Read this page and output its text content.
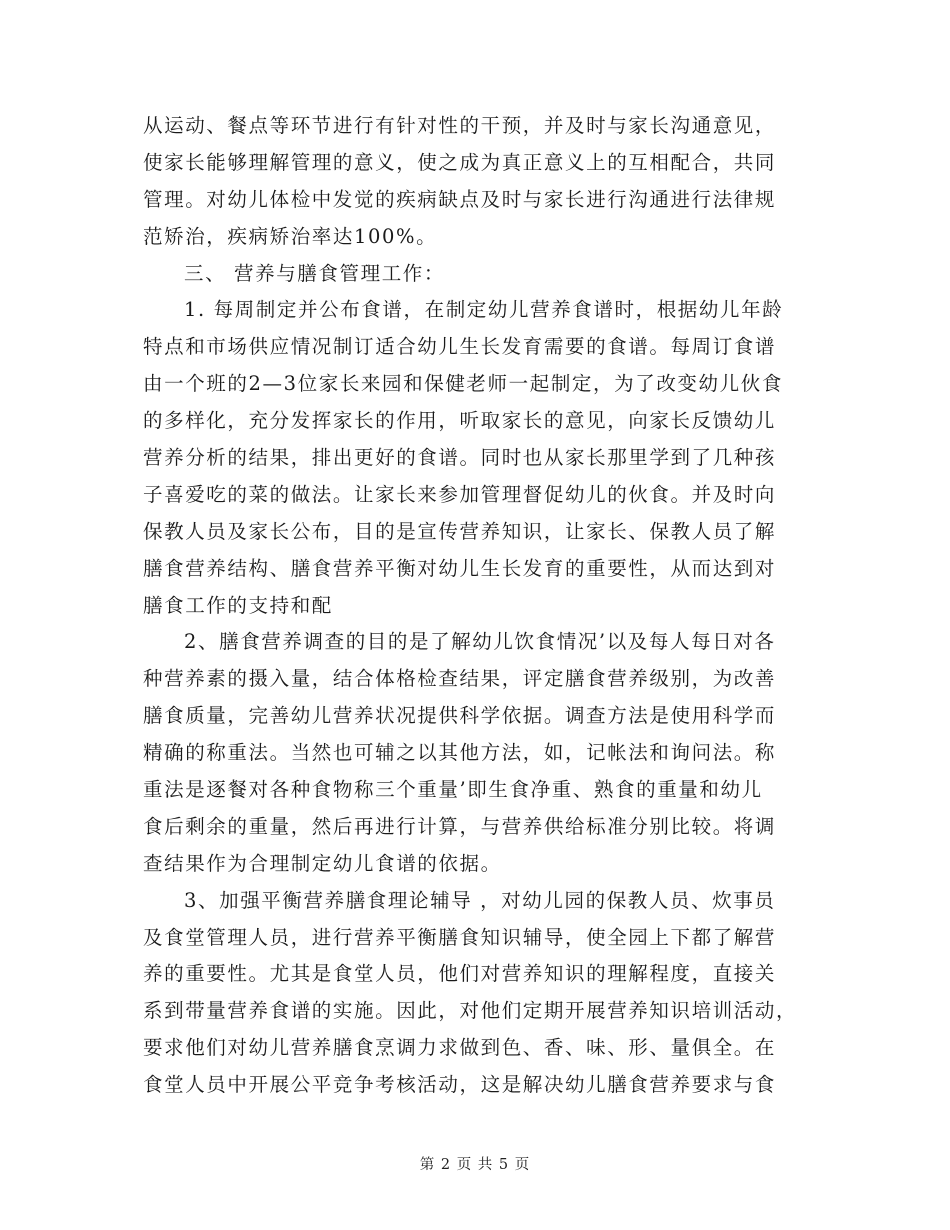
从运动、餐点等环节进行有针对性的干预，并及时与家长沟通意见，
使家长能够理解管理的意义，使之成为真正意义上的互相配合，共同
管理。对幼儿体检中发觉的疾病缺点及时与家长进行沟通进行法律规
范矫治，疾病矫治率达100%。
三、 营养与膳食管理工作：
1. 每周制定并公布食谱，在制定幼儿营养食谱时，根据幼儿年龄
特点和市场供应情况制订适合幼儿生长发育需要的食谱。每周订食谱
由一个班的2—3位家长来园和保健老师一起制定，为了改变幼儿伙食
的多样化，充分发挥家长的作用，听取家长的意见，向家长反馈幼儿
营养分析的结果，排出更好的食谱。同时也从家长那里学到了几种孩
子喜爱吃的菜的做法。让家长来参加管理督促幼儿的伙食。并及时向
保教人员及家长公布，目的是宣传营养知识，让家长、保教人员了解
膳食营养结构、膳食营养平衡对幼儿生长发育的重要性，从而达到对
膳食工作的支持和配
2、膳食营养调查的目的是了解幼儿饮食情况’以及每人每日对各
种营养素的摄入量，结合体格检查结果，评定膳食营养级别，为改善
膳食质量，完善幼儿营养状况提供科学依据。调查方法是使用科学而
精确的称重法。当然也可辅之以其他方法，如，记帐法和询问法。称
重法是逐餐对各种食物称三个重量’即生食净重、熟食的重量和幼儿
食后剩余的重量，然后再进行计算，与营养供给标准分别比较。将调
查结果作为合理制定幼儿食谱的依据。
3、加强平衡营养膳食理论辅导 ，对幼儿园的保教人员、炊事员
及食堂管理人员，进行营养平衡膳食知识辅导，使全园上下都了解营
养的重要性。尤其是食堂人员，他们对营养知识的理解程度，直接关
系到带量营养食谱的实施。因此，对他们定期开展营养知识培训活动，
要求他们对幼儿营养膳食烹调力求做到色、香、味、形、量俱全。在
食堂人员中开展公平竞争考核活动，这是解决幼儿膳食营养要求与食
第 2 页 共 5 页
